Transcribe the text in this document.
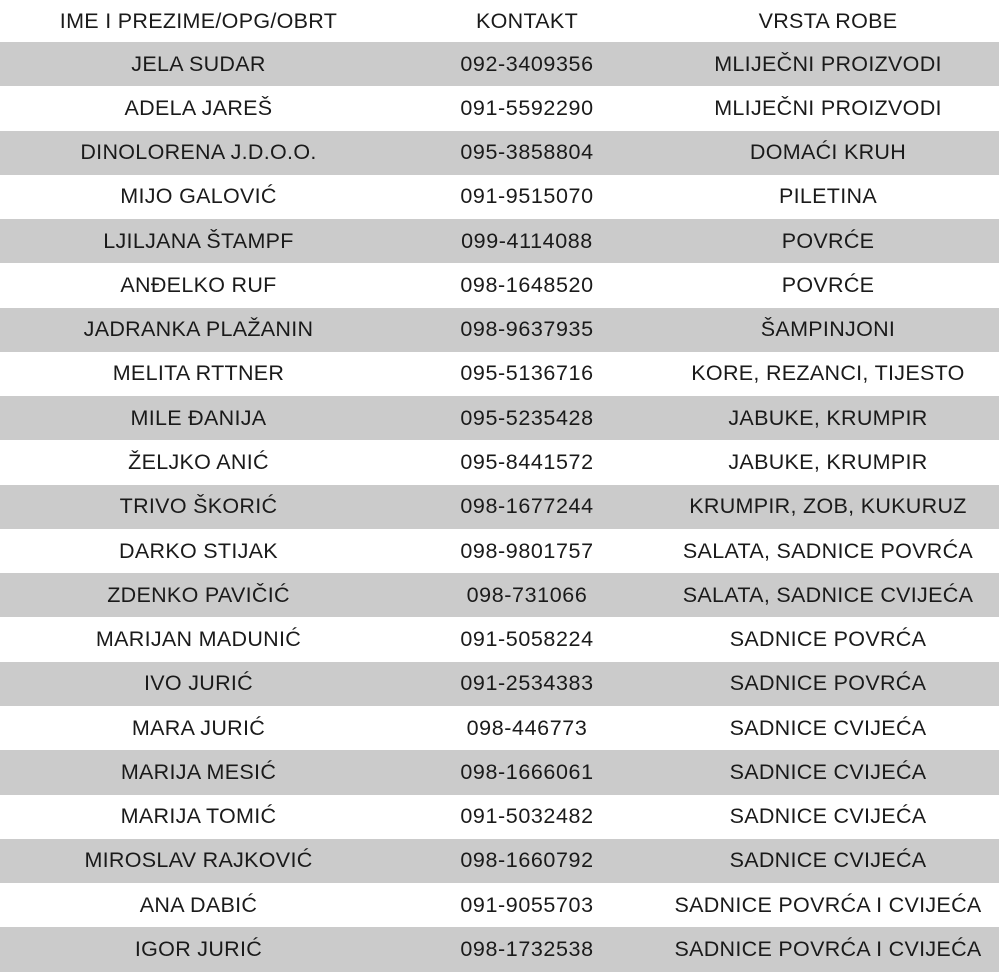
IME I PREZIME/OPG/OBRT	KONTAKT	VRSTA ROBE
JELA SUDAR	092-3409356	MLIJEČNI PROIZVODI
ADELA JAREŠ	091-5592290	MLIJEČNI PROIZVODI
DINOLORENA J.D.O.O.	095-3858804	DOMAĆI KRUH
MIJO GALOVIĆ	091-9515070	PILETINA
LJILJANA ŠTAMPF	099-4114088	POVRĆE
ANĐELKO RUF	098-1648520	POVRĆE
JADRANKA PLAŽANIN	098-9637935	ŠAMPINJONI
MELITA RTTNER	095-5136716	KORE, REZANCI, TIJESTO
MILE ĐANIJA	095-5235428	JABUKE, KRUMPIR
ŽELJKO ANIĆ	095-8441572	JABUKE, KRUMPIR
TRIVO ŠKORIĆ	098-1677244	KRUMPIR, ZOB, KUKURUZ
DARKO STIJAK	098-9801757	SALATA, SADNICE POVRĆA
ZDENKO PAVIČIĆ	098-731066	SALATA, SADNICE CVIJEĆA
MARIJAN MADUNIĆ	091-5058224	SADNICE POVRĆA
IVO JURIĆ	091-2534383	SADNICE POVRĆA
MARA JURIĆ	098-446773	SADNICE CVIJEĆA
MARIJA MESIĆ	098-1666061	SADNICE CVIJEĆA
MARIJA TOMIĆ	091-5032482	SADNICE CVIJEĆA
MIROSLAV RAJKOVIĆ	098-1660792	SADNICE CVIJEĆA
ANA DABIĆ	091-9055703	SADNICE POVRĆA I CVIJEĆA
IGOR JURIĆ	098-1732538	SADNICE POVRĆA I CVIJEĆA
